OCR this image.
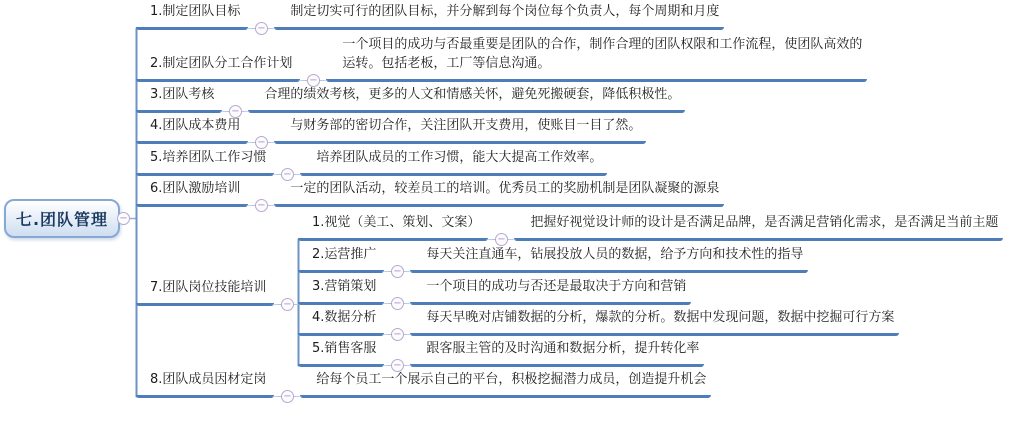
七.团队管理	−
1.制定团队目标
−
制定切实可行的团队目标，并分解到每个岗位每个负责人，每个周期和月度
2.制定团队分工合作计划
−
一个项目的成功与否最重要是团队的合作，制作合理的团队权限和工作流程，使团队高效的运转。包括老板，工厂等信息沟通。
3.团队考核
−
合理的绩效考核，更多的人文和情感关怀，避免死搬硬套，降低积极性。
4.团队成本费用
−
与财务部的密切合作，关注团队开支费用，使账目一目了然。
5.培养团队工作习惯
−
培养团队成员的工作习惯，能大大提高工作效率。
6.团队激励培训
−
一定的团队活动，较差员工的培训。优秀员工的奖励机制是团队凝聚的源泉
7.团队岗位技能培训
−
1.视觉（美工、策划、文案）
−
把握好视觉设计师的设计是否满足品牌，是否满足营销化需求，是否满足当前主题
2.运营推广
−
每天关注直通车，钻展投放人员的数据，给予方向和技术性的指导
3.营销策划
−
一个项目的成功与否还是最取决于方向和营销
4.数据分析
−
每天早晚对店铺数据的分析，爆款的分析。数据中发现问题，数据中挖掘可行方案
5.销售客服
−
跟客服主管的及时沟通和数据分析，提升转化率
8.团队成员因材定岗
−
给每个员工一个展示自己的平台，积极挖掘潜力成员，创造提升机会
